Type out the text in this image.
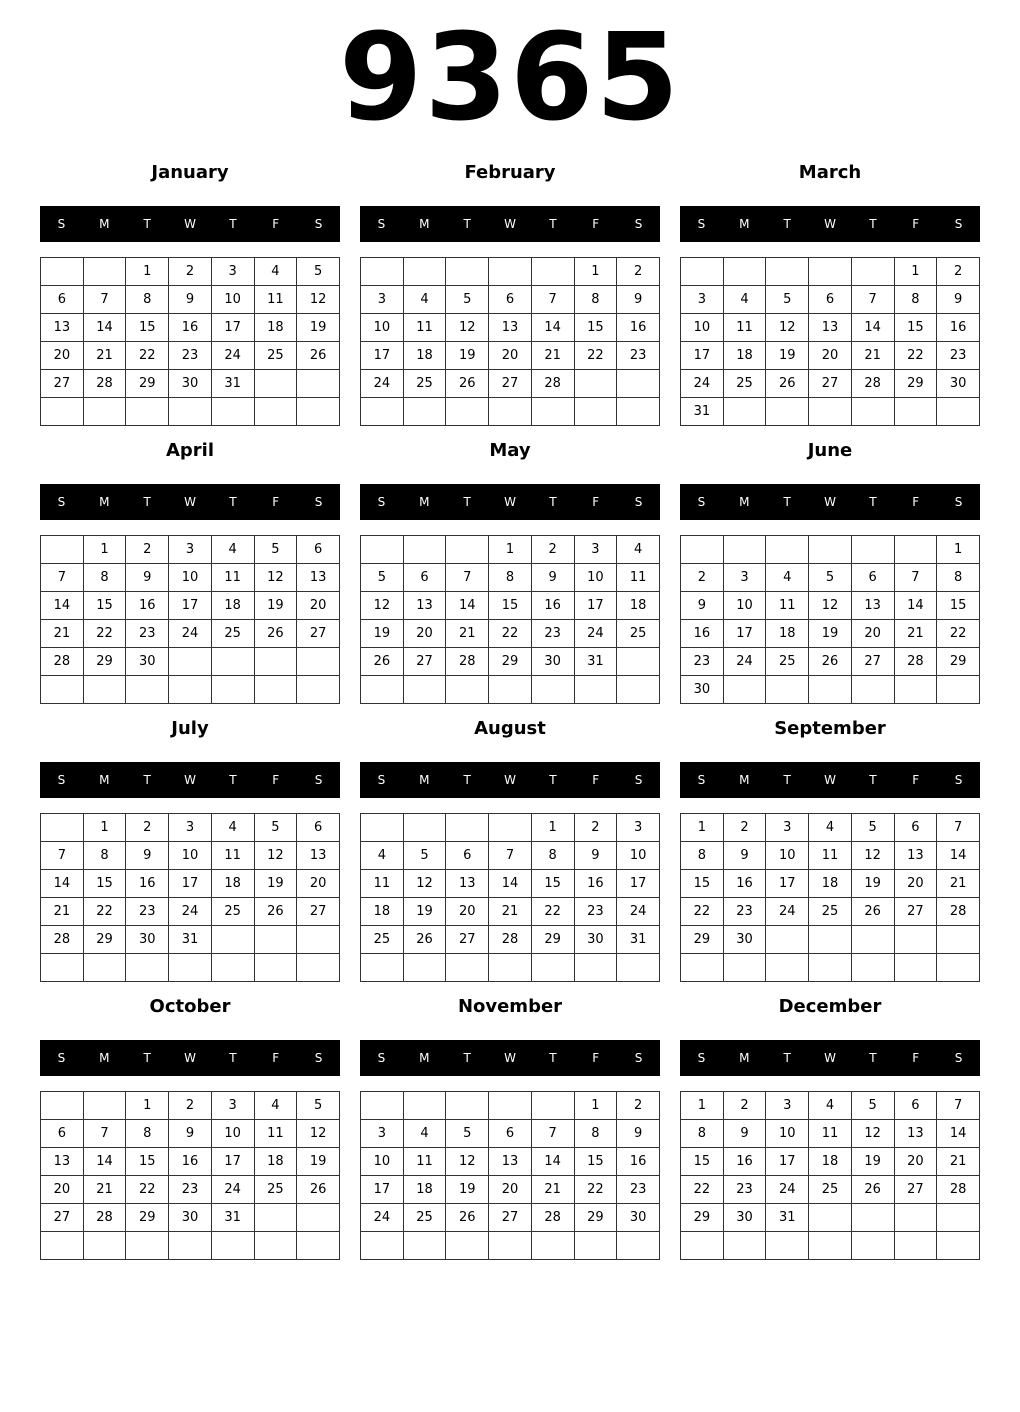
9365
January
S	M	T	W	T	F	S
		1	2	3	4	5
6	7	8	9	10	11	12
13	14	15	16	17	18	19
20	21	22	23	24	25	26
27	28	29	30	31		

February
S	M	T	W	T	F	S
					1	2
3	4	5	6	7	8	9
10	11	12	13	14	15	16
17	18	19	20	21	22	23
24	25	26	27	28		

March
S	M	T	W	T	F	S
					1	2
3	4	5	6	7	8	9
10	11	12	13	14	15	16
17	18	19	20	21	22	23
24	25	26	27	28	29	30
31						
April
S	M	T	W	T	F	S
	1	2	3	4	5	6
7	8	9	10	11	12	13
14	15	16	17	18	19	20
21	22	23	24	25	26	27
28	29	30				

May
S	M	T	W	T	F	S
			1	2	3	4
5	6	7	8	9	10	11
12	13	14	15	16	17	18
19	20	21	22	23	24	25
26	27	28	29	30	31	

June
S	M	T	W	T	F	S
						1
2	3	4	5	6	7	8
9	10	11	12	13	14	15
16	17	18	19	20	21	22
23	24	25	26	27	28	29
30						
July
S	M	T	W	T	F	S
	1	2	3	4	5	6
7	8	9	10	11	12	13
14	15	16	17	18	19	20
21	22	23	24	25	26	27
28	29	30	31			

August
S	M	T	W	T	F	S
				1	2	3
4	5	6	7	8	9	10
11	12	13	14	15	16	17
18	19	20	21	22	23	24
25	26	27	28	29	30	31

September
S	M	T	W	T	F	S
1	2	3	4	5	6	7
8	9	10	11	12	13	14
15	16	17	18	19	20	21
22	23	24	25	26	27	28
29	30					

October
S	M	T	W	T	F	S
		1	2	3	4	5
6	7	8	9	10	11	12
13	14	15	16	17	18	19
20	21	22	23	24	25	26
27	28	29	30	31		

November
S	M	T	W	T	F	S
					1	2
3	4	5	6	7	8	9
10	11	12	13	14	15	16
17	18	19	20	21	22	23
24	25	26	27	28	29	30

December
S	M	T	W	T	F	S
1	2	3	4	5	6	7
8	9	10	11	12	13	14
15	16	17	18	19	20	21
22	23	24	25	26	27	28
29	30	31				
